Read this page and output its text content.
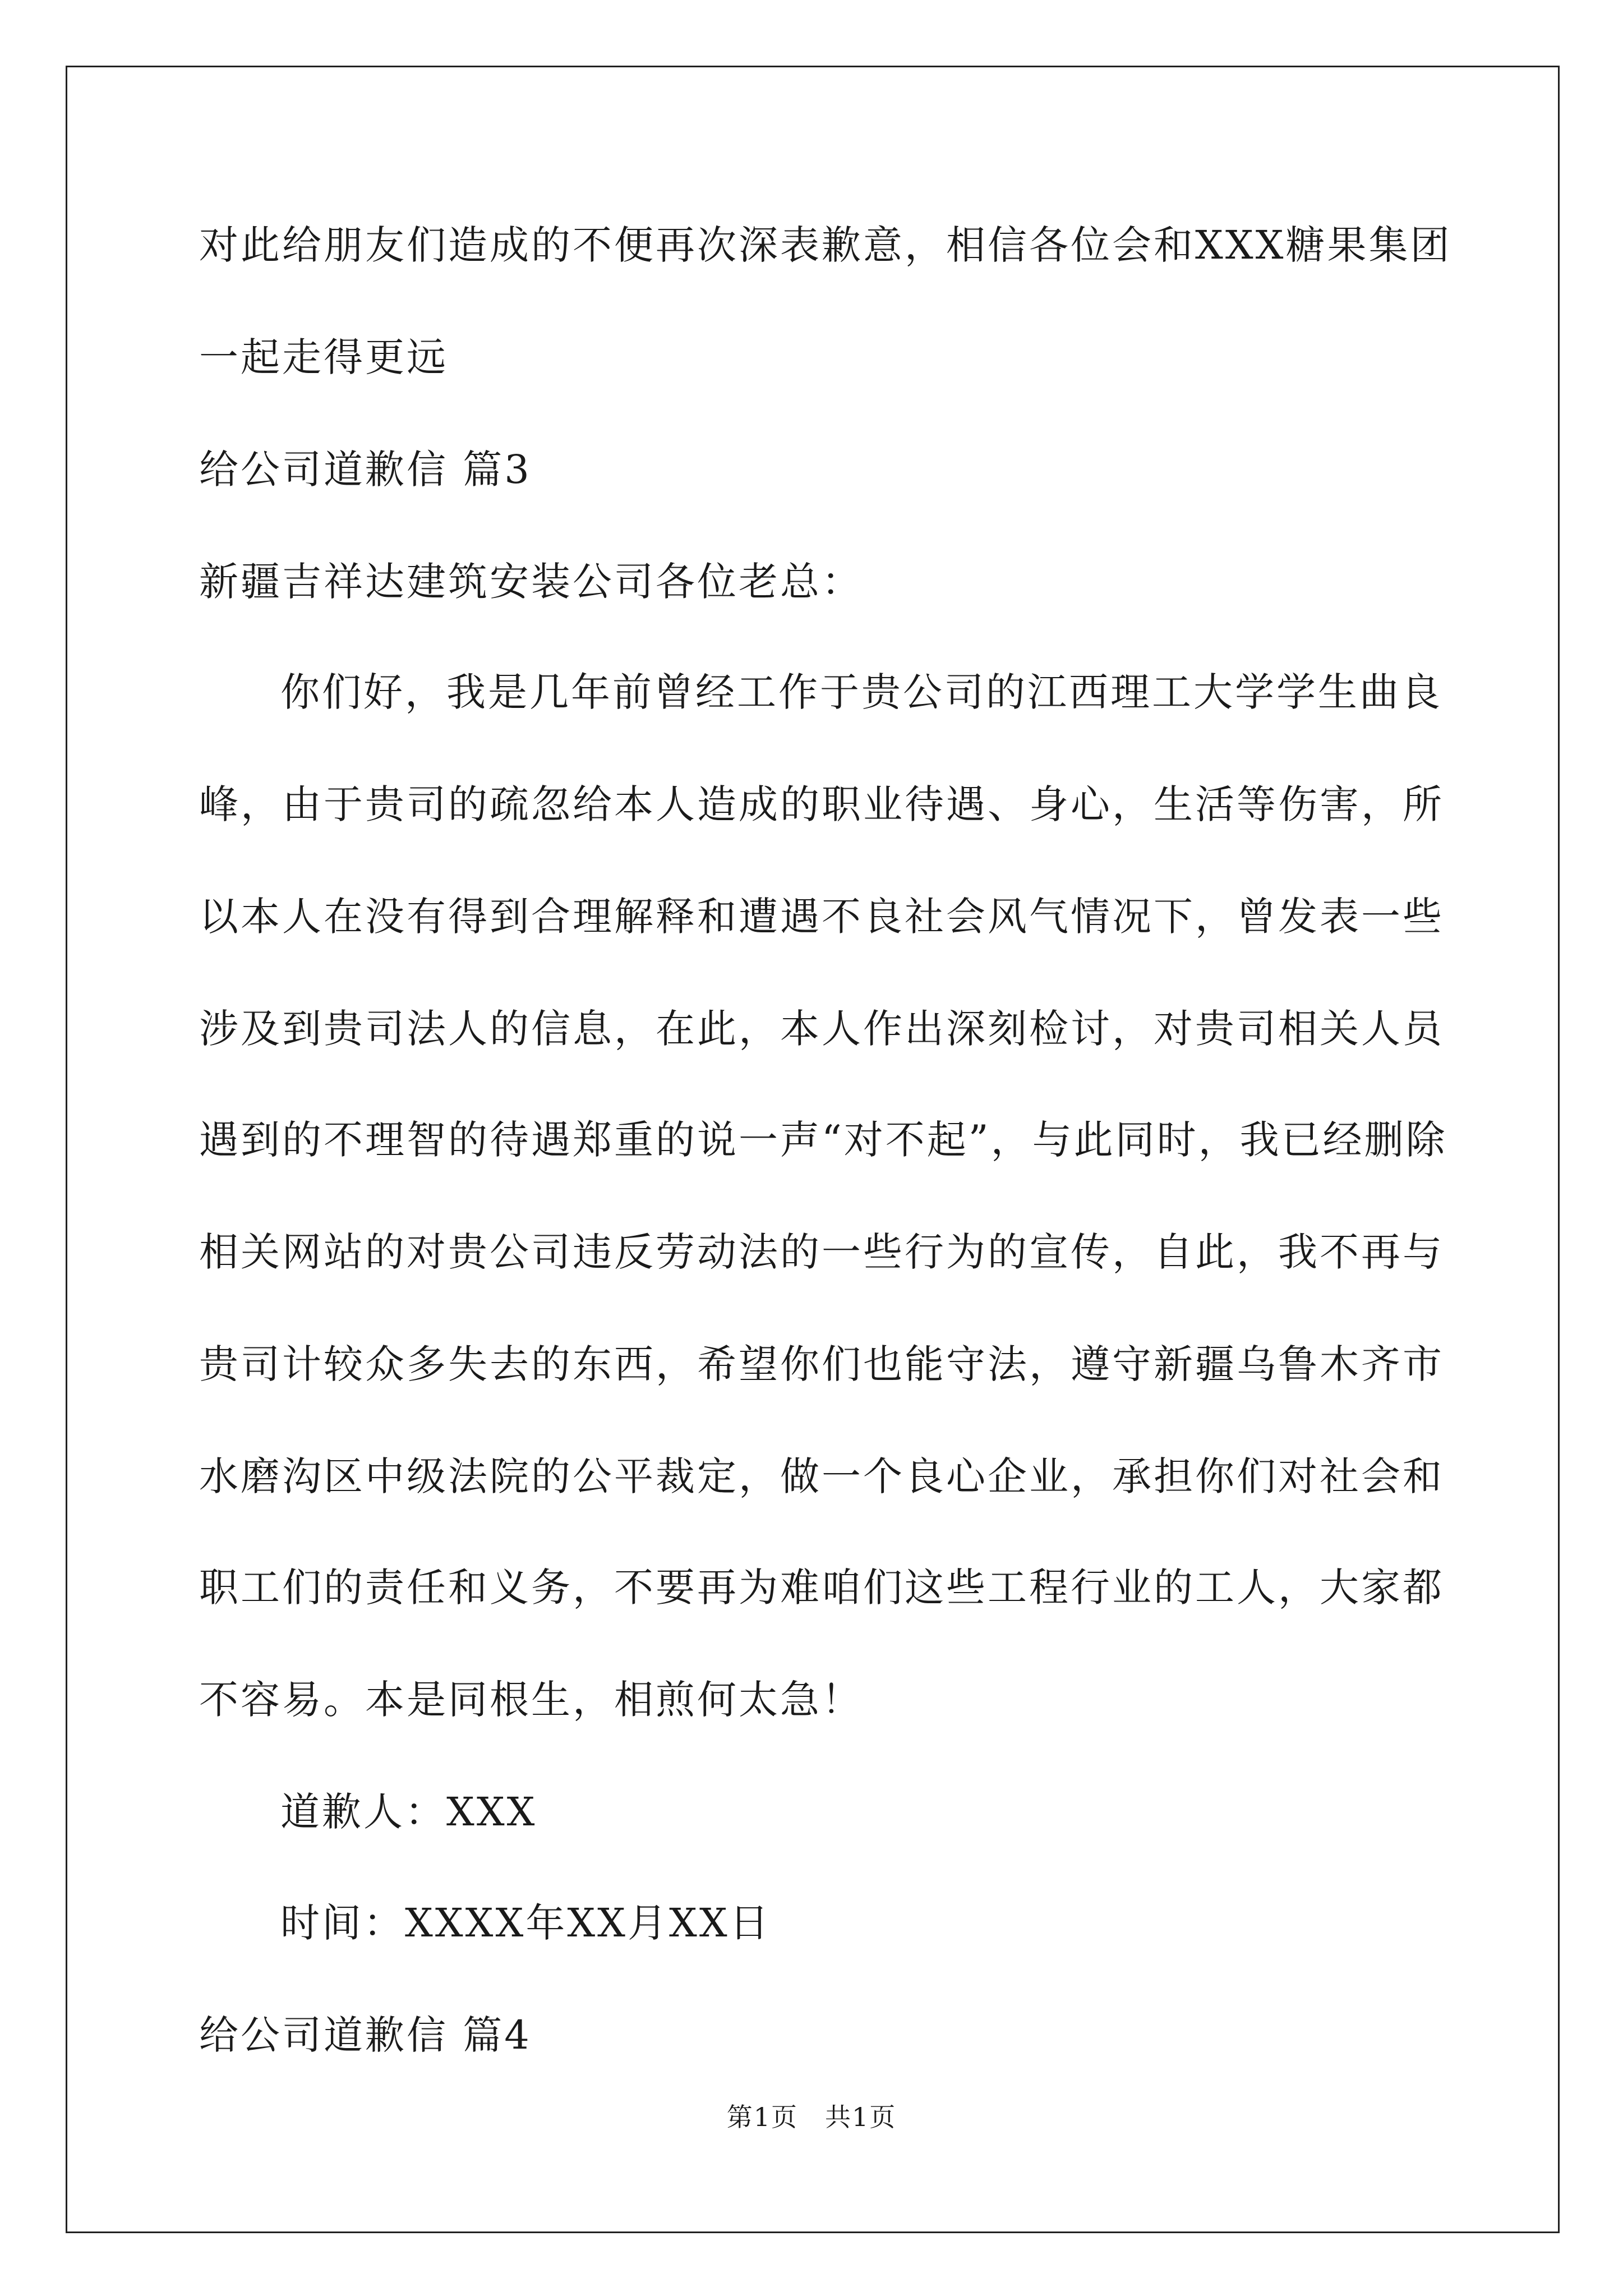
对此给朋友们造成的不便再次深表歉意，相信各位会和XXX糖果集团
一起走得更远
给公司道歉信 篇3
新疆吉祥达建筑安装公司各位老总：
你们好，我是几年前曾经工作于贵公司的江西理工大学学生曲良
峰，由于贵司的疏忽给本人造成的职业待遇、身心，生活等伤害，所
以本人在没有得到合理解释和遭遇不良社会风气情况下，曾发表一些
涉及到贵司法人的信息，在此，本人作出深刻检讨，对贵司相关人员
遇到的不理智的待遇郑重的说一声“对不起”，与此同时，我已经删除
相关网站的对贵公司违反劳动法的一些行为的宣传，自此，我不再与
贵司计较众多失去的东西，希望你们也能守法，遵守新疆乌鲁木齐市
水磨沟区中级法院的公平裁定，做一个良心企业，承担你们对社会和
职工们的责任和义务，不要再为难咱们这些工程行业的工人，大家都
不容易。本是同根生，相煎何太急！
道歉人：XXX
时间：XXXX年XX月XX日
给公司道歉信 篇4
第1页　共1页
